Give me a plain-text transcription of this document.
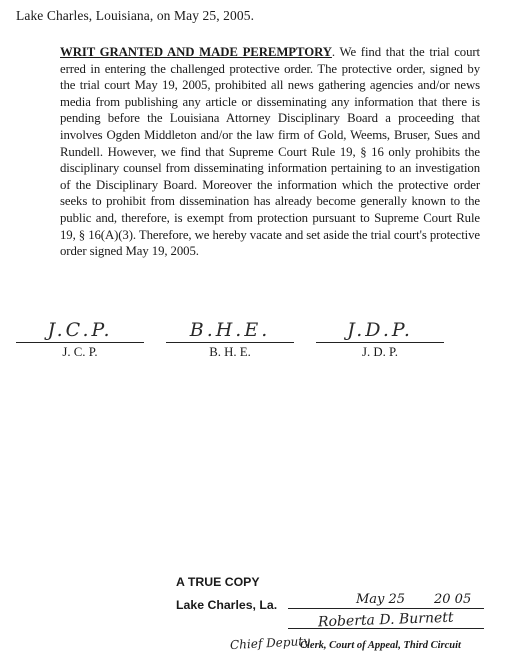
Lake Charles, Louisiana, on May 25, 2005.
WRIT GRANTED AND MADE PEREMPTORY. We find that the trial court erred in entering the challenged protective order. The protective order, signed by the trial court May 19, 2005, prohibited all news gathering agencies and/or news media from publishing any article or disseminating any information that there is pending before the Louisiana Attorney Disciplinary Board a proceeding that involves Ogden Middleton and/or the law firm of Gold, Weems, Bruser, Sues and Rundell. However, we find that Supreme Court Rule 19, § 16 only prohibits the disciplinary counsel from disseminating information pertaining to an investigation of the Disciplinary Board. Moreover the information which the protective order seeks to prohibit from dissemination has already become generally known to the public and, therefore, is exempt from protection pursuant to Supreme Court Rule 19, § 16(A)(3). Therefore, we hereby vacate and set aside the trial court's protective order signed May 19, 2005.
J.C.P.
J. C. P.
B.H.E.
B. H. E.
J.D.P.
J. D. P.
A TRUE COPY
Lake Charles, La.	May 25 20 05
Roberta D. Burnett
Chief Deputy
Clerk, Court of Appeal, Third Circuit
